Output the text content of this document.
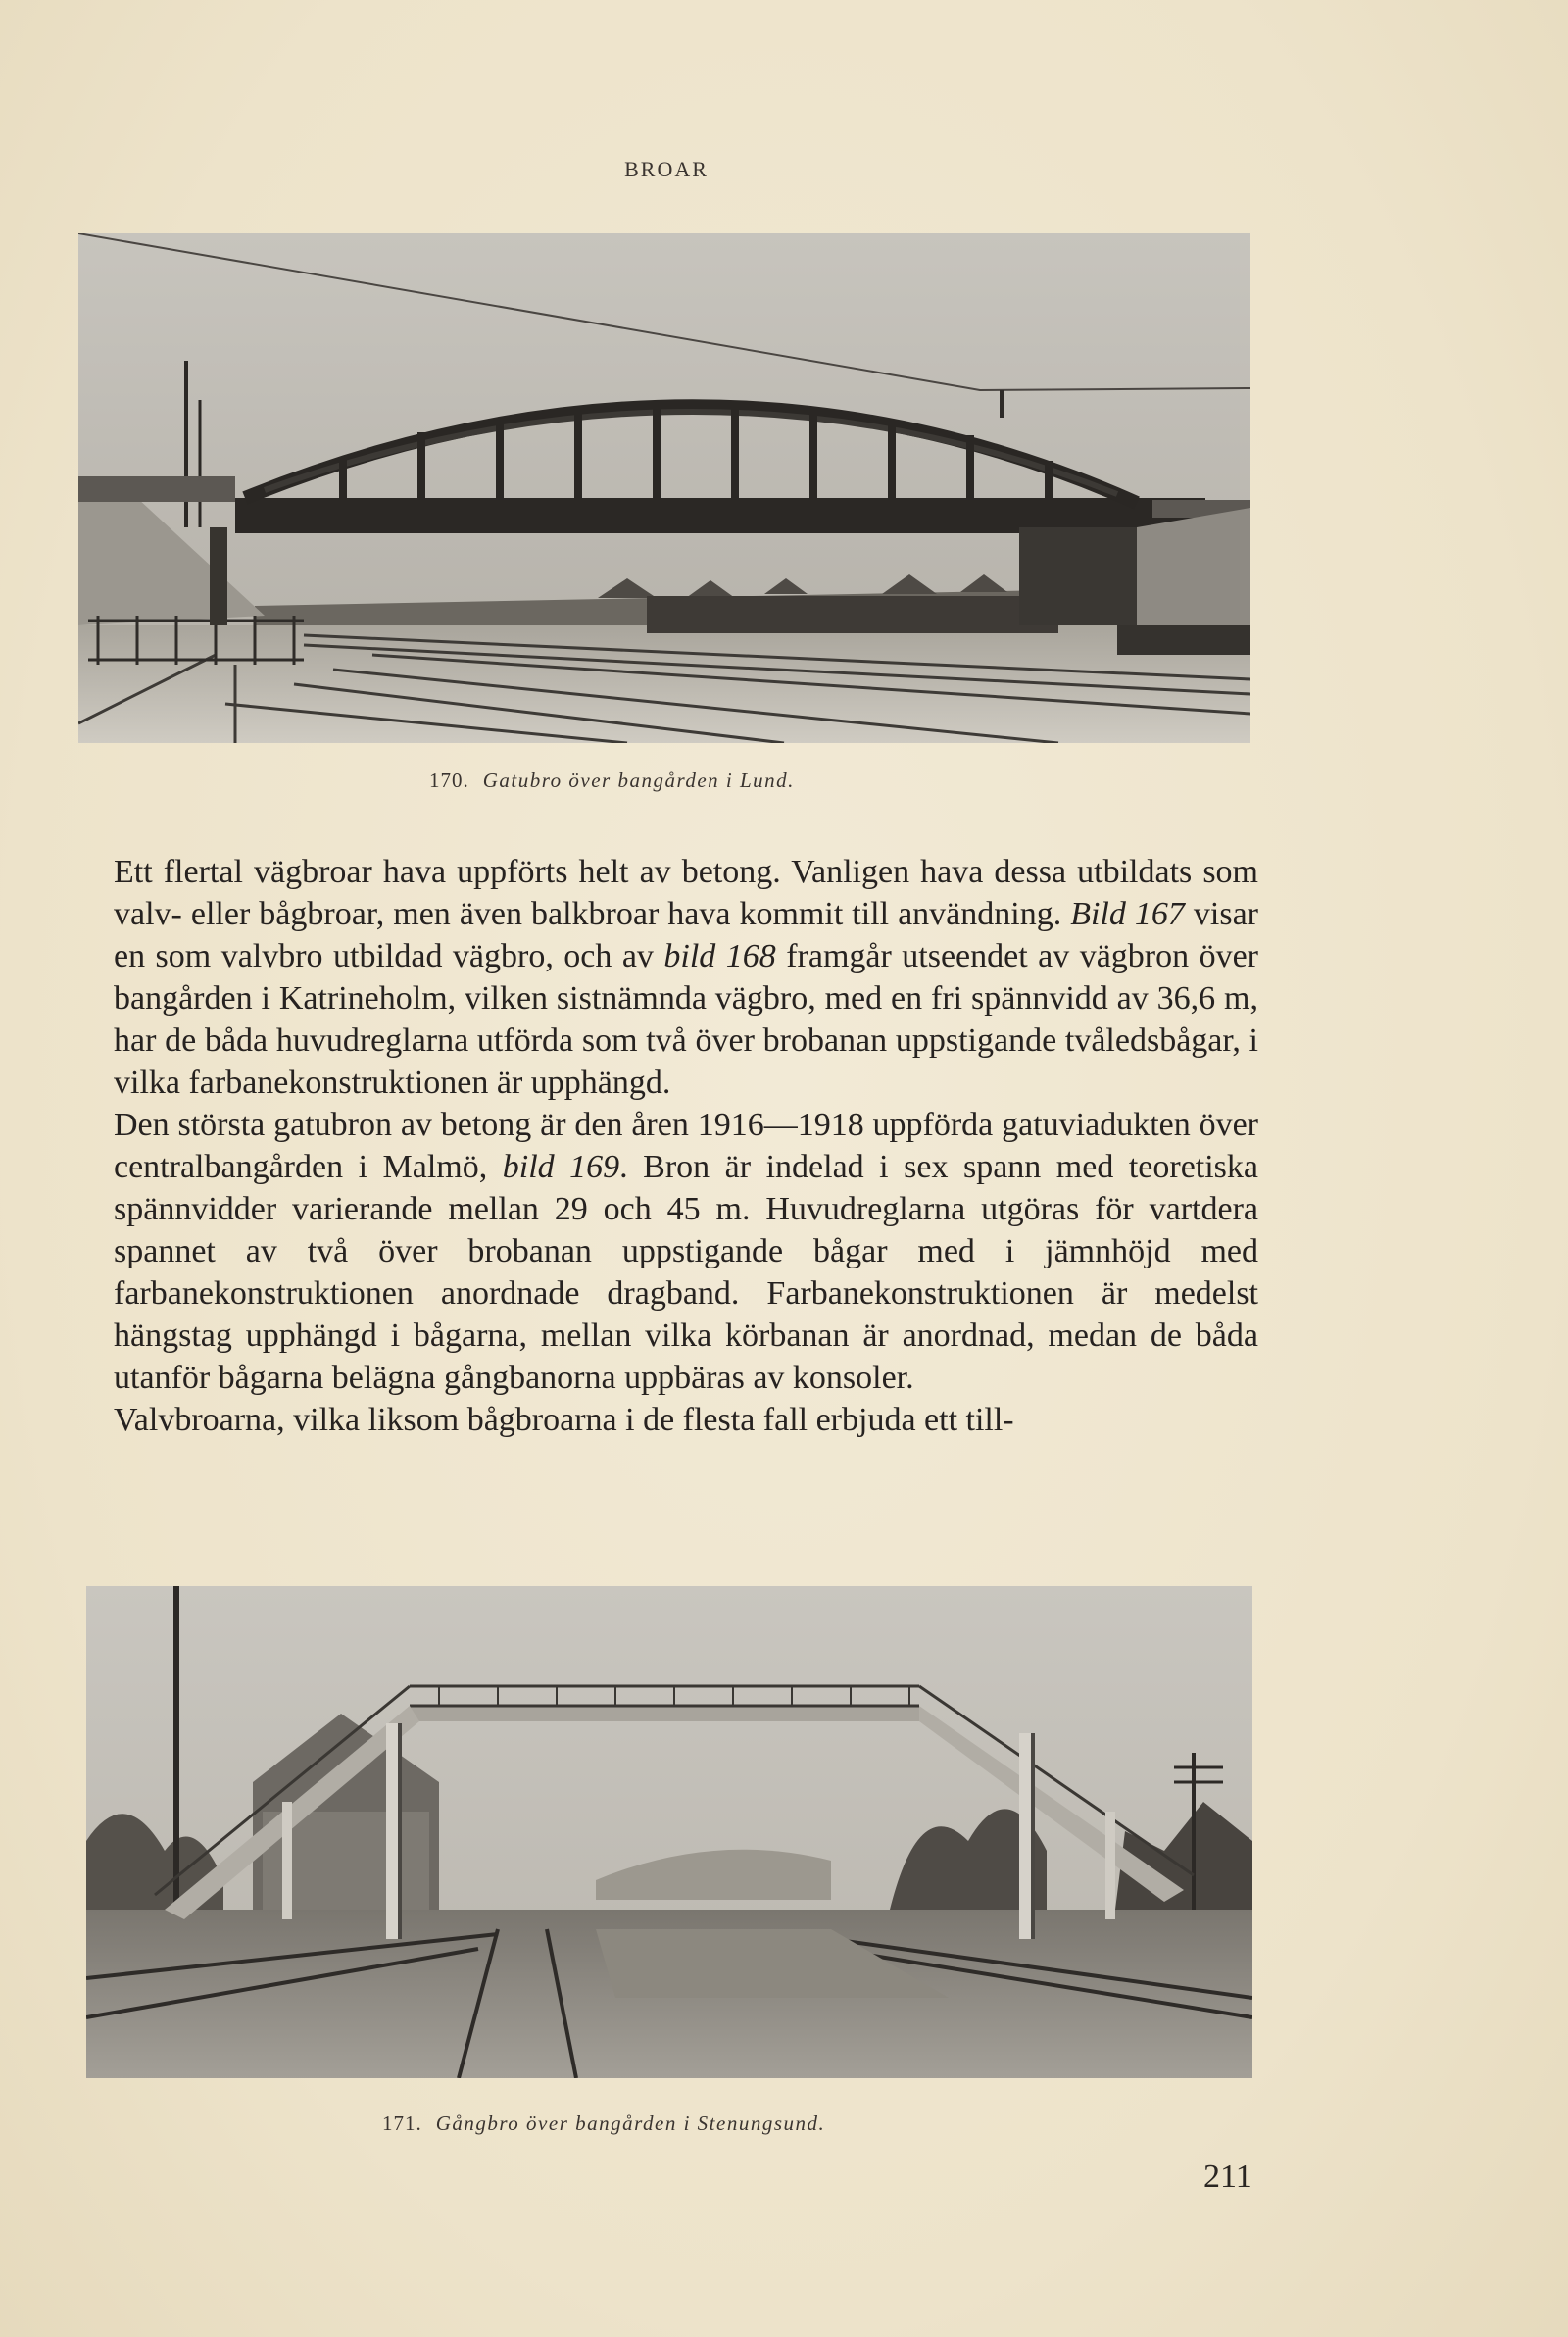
BROAR
170. Gatubro över bangården i Lund.

Ett flertal vägbroar hava uppförts helt av betong. Vanligen hava dessa utbildats som valv- eller bågbroar, men även balkbroar hava kommit till användning. Bild 167 visar en som valvbro utbildad vägbro, och av bild 168 framgår utseendet av vägbron över bangården i Katrineholm, vilken sistnämnda vägbro, med en fri spännvidd av 36,6 m, har de båda huvudreglarna utförda som två över brobanan uppstigande tvåledsbågar, i vilka farbanekonstruktionen är upphängd.

Den största gatubron av betong är den åren 1916—1918 uppförda gatuviadukten över centralbangården i Malmö, bild 169. Bron är indelad i sex spann med teoretiska spännvidder varierande mellan 29 och 45 m. Huvudreglarna utgöras för vartdera spannet av två över brobanan uppstigande bågar med i jämnhöjd med farbanekonstruktionen anordnade dragband. Farbanekonstruktionen är medelst hängstag upphängd i bågarna, mellan vilka körbanan är anordnad, medan de båda utanför bågarna belägna gångbanorna uppbäras av konsoler.

Valvbroarna, vilka liksom bågbroarna i de flesta fall erbjuda ett till-

171. Gångbro över bangården i Stenungsund.
211
